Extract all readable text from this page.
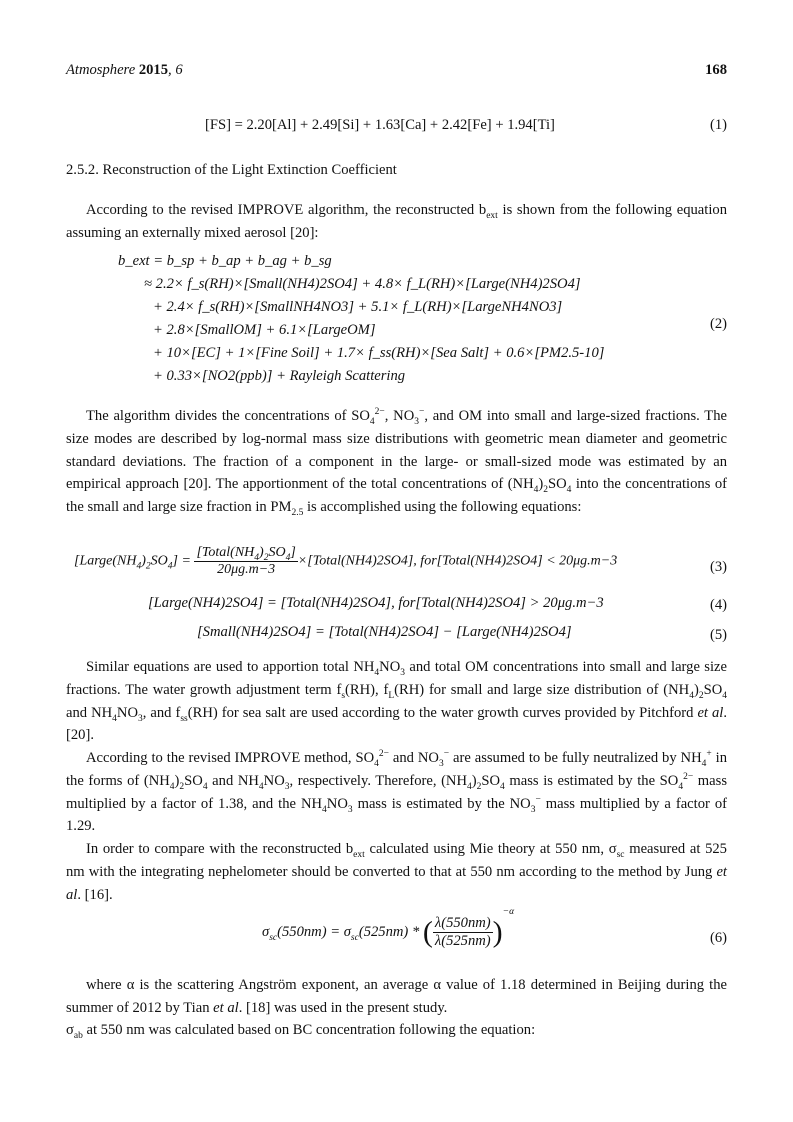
Atmosphere 2015, 6	168
[FS] = 2.20[Al] + 2.49[Si] + 1.63[Ca] + 2.42[Fe] + 1.94[Ti]	(1)
2.5.2. Reconstruction of the Light Extinction Coefficient
According to the revised IMPROVE algorithm, the reconstructed $b_{ext}$ is shown from the following equation assuming an externally mixed aerosol [20]:
b_ext = b_sp + b_ap + b_ag + b_sg
≈ 2.2× f_s(RH)×[Small(NH4)2SO4] + 4.8× f_L(RH)×[Large(NH4)2SO4]
+ 2.4× f_s(RH)×[SmallNH4NO3] + 5.1× f_L(RH)×[LargeNH4NO3]
+ 2.8×[SmallOM] + 6.1×[LargeOM]
+ 10×[EC] + 1×[Fine Soil] + 1.7× f_ss(RH)×[Sea Salt] + 0.6×[PM2.5-10]
+ 0.33×[NO2(ppb)] + Rayleigh Scattering
(2)
The algorithm divides the concentrations of $SO_4^{2-}$, $NO_3^-$, and OM into small and large-sized fractions. The size modes are described by log-normal mass size distributions with geometric mean diameter and geometric standard deviations. The fraction of a component in the large- or small-sized mode was estimated by an empirical approach [20]. The apportionment of the total concentrations of $(NH_4)_2SO_4$ into the concentrations of the small and large size fraction in $PM_{2.5}$ is accomplished using the following equations:
$[Large(NH_4)_2SO_4] = \frac{[Total(NH_4)_2SO_4]}{20\mu g.m-3}$ ×[Total(NH4)2SO4], for[Total(NH4)2SO4] < 20μg.m−3	(3)
[Large(NH4)2SO4] = [Total(NH4)2SO4], for[Total(NH4)2SO4] > 20μg.m−3	(4)
[Small(NH4)2SO4] = [Total(NH4)2SO4] − [Large(NH4)2SO4]	(5)
Similar equations are used to apportion total $NH_4NO_3$ and total OM concentrations into small and large size fractions. The water growth adjustment term $f_s(RH)$, $f_L(RH)$ for small and large size distribution of $(NH_4)_2SO_4$ and $NH_4NO_3$, and $f_{ss}(RH)$ for sea salt are used according to the water growth curves provided by Pitchford et al. [20].
According to the revised IMPROVE method, $SO_4^{2-}$ and $NO_3^-$ are assumed to be fully neutralized by $NH_4^+$ in the forms of $(NH_4)_2SO_4$ and $NH_4NO_3$, respectively. Therefore, $(NH_4)_2SO_4$ mass is estimated by the $SO_4^{2-}$ mass multiplied by a factor of 1.38, and the $NH_4NO_3$ mass is estimated by the $NO_3^-$ mass multiplied by a factor of 1.29.
In order to compare with the reconstructed $b_{ext}$ calculated using Mie theory at 550 nm, $\sigma_{sc}$ measured at 525 nm with the integrating nephelometer should be converted to that at 550 nm according to the method by Jung et al. [16].
$\sigma_{sc}(550nm) = \sigma_{sc}(525nm)$ * ( $\frac{\lambda(550nm)}{\lambda(525nm)} )^{-\alpha}$
(6)
where α is the scattering Angström exponent, an average α value of 1.18 determined in Beijing during the summer of 2012 by Tian et al. [18] was used in the present study.
$\sigma_{ab}$ at 550 nm was calculated based on BC concentration following the equation:
